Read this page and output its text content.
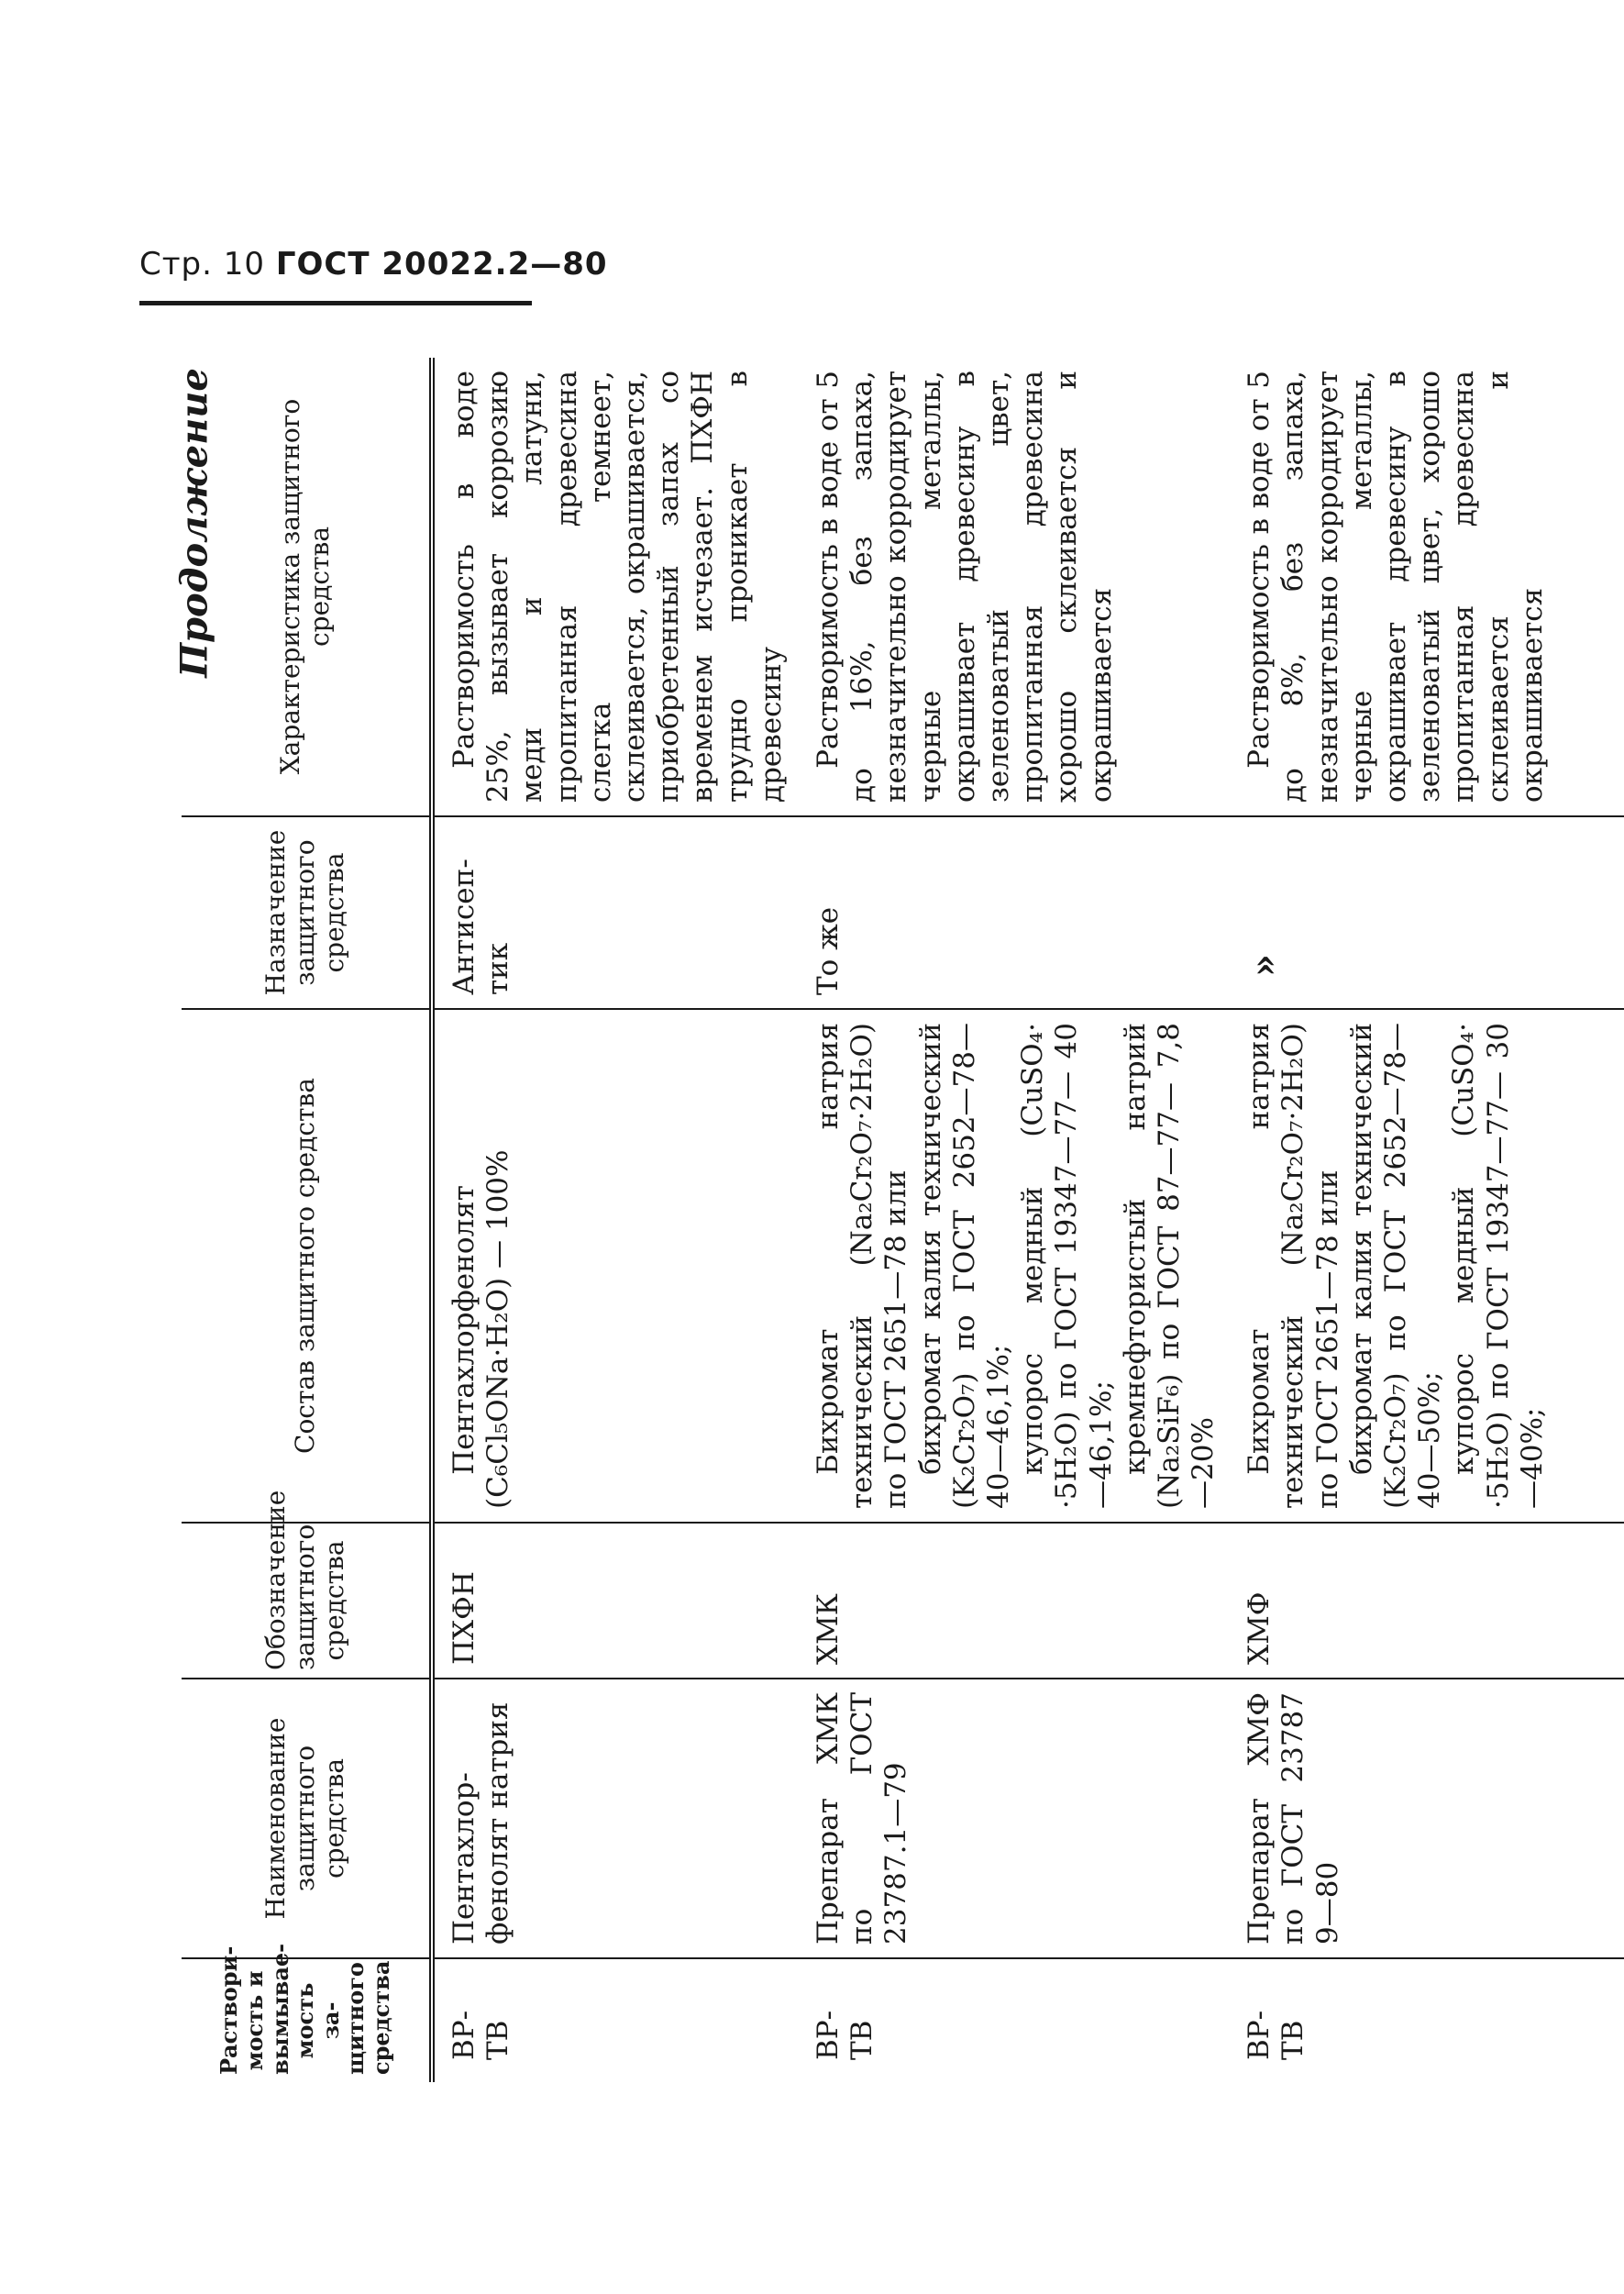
Стр. 10 ГОСТ 20022.2—80
Продолжение
Раствори-мость и вымывае-мость за-щитного средства	Наименование защитного средства	Обозначение защитного средства	Состав защитного средства	Назначение защитного средства	Характеристика защитного средства
ВР-ТВ	Пентахлор-фенолят натрия	ПХФН	Пентахлорфенолят (C₆Cl₅ONa·H₂O) — 100%	Антисеп-тик	Растворимость в воде 25%, вызывает коррозию меди и латуни, пропитанная древесина слегка темнеет, склеивается, окрашивается, приобретенный запах со временем исчезает. ПХФН трудно проникает в древесину

ВР-ТВ	Препарат ХМК по ГОСТ 23787.1—79	ХМК	Бихромат натрия технический (Na₂Cr₂O₇·2H₂O) по ГОСТ 2651—78 или бихромат калия технический (K₂Cr₂O₇) по ГОСТ 2652—78— 40—46,1%; купорос медный (CuSO₄· ·5H₂O) по ГОСТ 19347—77— 40—46,1%; кремнефтористый натрий (Na₂SiF₆) по ГОСТ 87—77— 7,8—20%	То же	Растворимость в воде от 5 до 16%, без запаха, незначительно корродирует черные металлы, окрашивает древесину в зеленоватый цвет, пропитанная древесина хорошо склеивается и окрашивается

ВР-ТВ	Препарат ХМФ по ГОСТ 23787 9—80	ХМФ	Бихромат натрия технический (Na₂Cr₂O₇·2H₂O) по ГОСТ 2651—78 или бихромат калия технический (K₂Cr₂O₇) по ГОСТ 2652—78— 40—50%; купорос медный (CuSO₄· ·5H₂O) по ГОСТ 19347—77— 30—40%;	»	Растворимость в воде от 5 до 8%, без запаха, незначительно корродирует черные металлы, окрашивает древесину в зеленоватый цвет, хорошо пропитанная древесина склеивается и окрашивается
